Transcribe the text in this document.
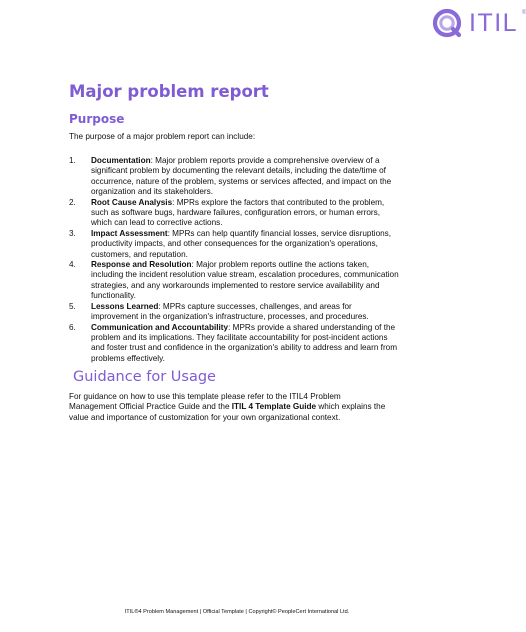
ITIL ®
Major problem report
Purpose

The purpose of a major problem report can include:

1. Documentation: Major problem reports provide a comprehensive overview of a significant problem by documenting the relevant details, including the date/time of occurrence, nature of the problem, systems or services affected, and impact on the organization and its stakeholders.
2. Root Cause Analysis: MPRs explore the factors that contributed to the problem, such as software bugs, hardware failures, configuration errors, or human errors, which can lead to corrective actions.
3. Impact Assessment: MPRs can help quantify financial losses, service disruptions, productivity impacts, and other consequences for the organization's operations, customers, and reputation.
4. Response and Resolution: Major problem reports outline the actions taken, including the incident resolution value stream, escalation procedures, communication strategies, and any workarounds implemented to restore service availability and functionality.
5. Lessons Learned: MPRs capture successes, challenges, and areas for improvement in the organization's infrastructure, processes, and procedures.
6. Communication and Accountability: MPRs provide a shared understanding of the problem and its implications. They facilitate accountability for post-incident actions and foster trust and confidence in the organization's ability to address and learn from problems effectively.
Guidance for Usage

For guidance on how to use this template please refer to the ITIL4 Problem Management Official Practice Guide and the ITIL 4 Template Guide which explains the value and importance of customization for your own organizational context.

ITIL®4 Problem Management | Official Template | Copyright© PeopleCert International Ltd.
